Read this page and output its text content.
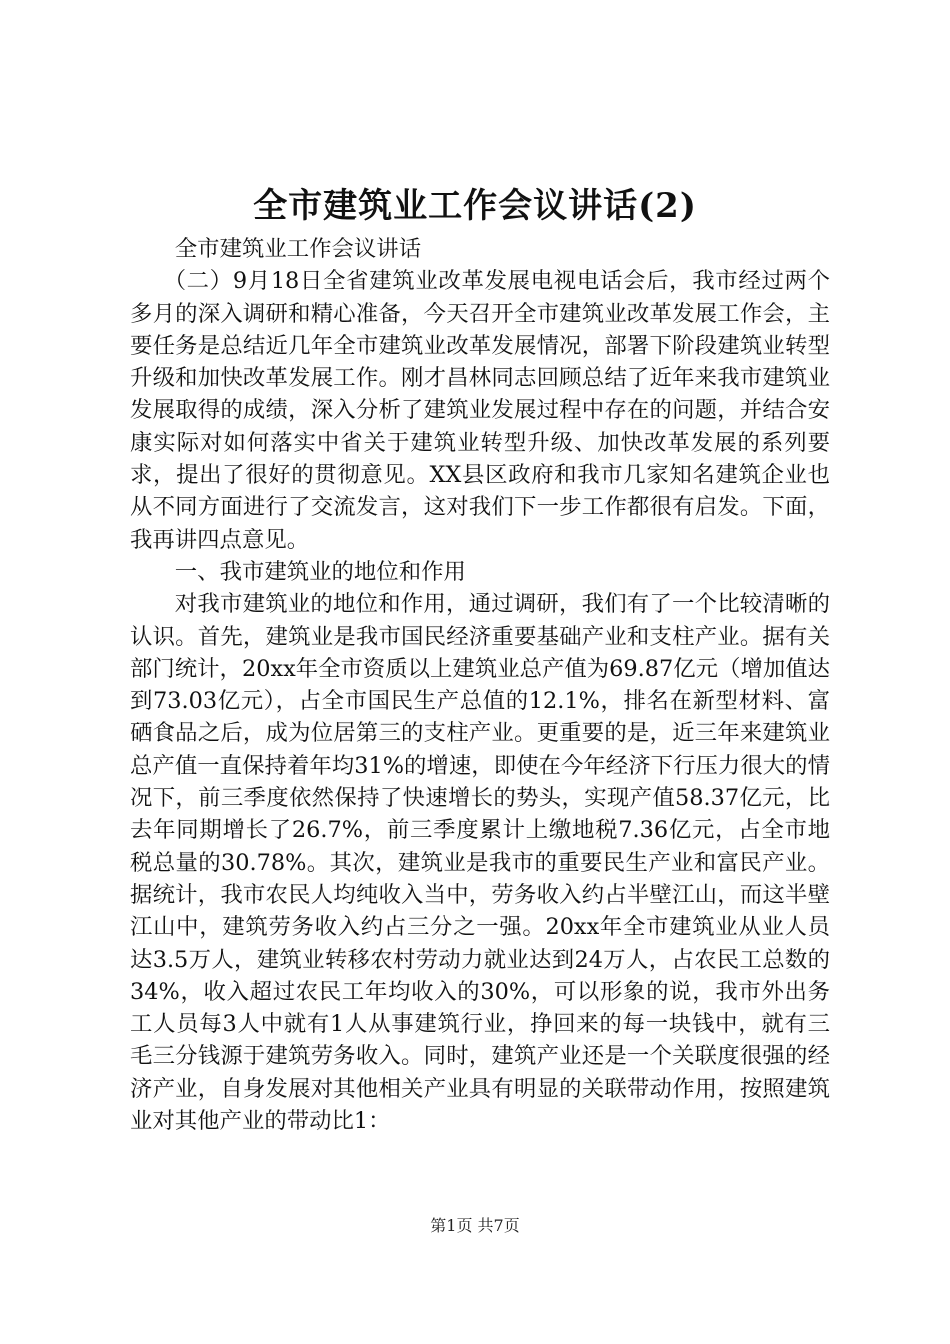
全市建筑业工作会议讲话(2)

全市建筑业工作会议讲话

（二）9月18日全省建筑业改革发展电视电话会后，我市经过两个多月的深入调研和精心准备，今天召开全市建筑业改革发展工作会，主要任务是总结近几年全市建筑业改革发展情况，部署下阶段建筑业转型升级和加快改革发展工作。刚才昌林同志回顾总结了近年来我市建筑业发展取得的成绩，深入分析了建筑业发展过程中存在的问题，并结合安康实际对如何落实中省关于建筑业转型升级、加快改革发展的系列要求，提出了很好的贯彻意见。XX县区政府和我市几家知名建筑企业也从不同方面进行了交流发言，这对我们下一步工作都很有启发。下面，我再讲四点意见。

一、我市建筑业的地位和作用

对我市建筑业的地位和作用，通过调研，我们有了一个比较清晰的认识。首先，建筑业是我市国民经济重要基础产业和支柱产业。据有关部门统计，20xx年全市资质以上建筑业总产值为69.87亿元（增加值达到73.03亿元），占全市国民生产总值的12.1%，排名在新型材料、富硒食品之后，成为位居第三的支柱产业。更重要的是，近三年来建筑业总产值一直保持着年均31%的增速，即使在今年经济下行压力很大的情况下，前三季度依然保持了快速增长的势头，实现产值58.37亿元，比去年同期增长了26.7%，前三季度累计上缴地税7.36亿元，占全市地税总量的30.78%。其次，建筑业是我市的重要民生产业和富民产业。据统计，我市农民人均纯收入当中，劳务收入约占半壁江山，而这半壁江山中，建筑劳务收入约占三分之一强。20xx年全市建筑业从业人员达3.5万人，建筑业转移农村劳动力就业达到24万人，占农民工总数的34%，收入超过农民工年均收入的30%，可以形象的说，我市外出务工人员每3人中就有1人从事建筑行业，挣回来的每一块钱中，就有三毛三分钱源于建筑劳务收入。同时，建筑产业还是一个关联度很强的经济产业，自身发展对其他相关产业具有明显的关联带动作用，按照建筑业对其他产业的带动比1：

第1页 共7页
